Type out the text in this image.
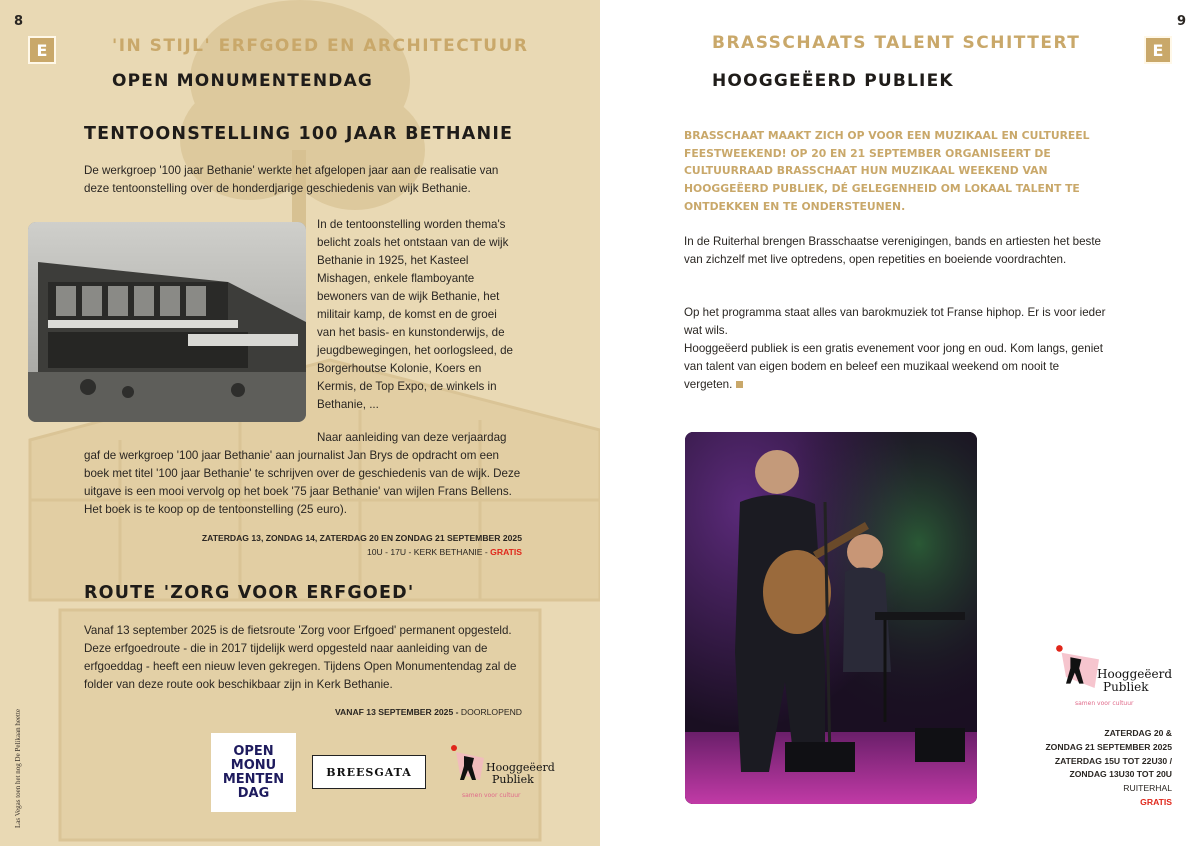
8
E	'IN STIJL' ERFGOED EN ARCHITECTUUR
OPEN MONUMENTENDAG
TENTOONSTELLING 100 JAAR BETHANIE
De werkgroep '100 jaar Bethanie' werkte het afgelopen jaar aan de realisatie van deze tentoonstelling over de honderdjarige geschiedenis van wijk Bethanie.
In de tentoonstelling worden thema's belicht zoals het ontstaan van de wijk Bethanie in 1925, het Kasteel Mishagen, enkele flamboyante bewoners van de wijk Bethanie, het militair kamp, de komst en de groei van het basis- en kunstonderwijs, de jeugdbewegingen, het oorlogsleed, de Borgerhoutse Kolonie, Koers en Kermis, de Top Expo, de winkels in Bethanie, ...
Naar aanleiding van deze verjaardag
gaf de werkgroep '100 jaar Bethanie' aan journalist Jan Brys de opdracht om een boek met titel '100 jaar Bethanie' te schrijven over de geschiedenis van de wijk. Deze uitgave is een mooi vervolg op het boek '75 jaar Bethanie' van wijlen Frans Bellens. Het boek is te koop op de tentoonstelling (25 euro).
ZATERDAG 13, ZONDAG 14, ZATERDAG 20 EN ZONDAG 21 SEPTEMBER 2025
10U - 17U - KERK BETHANIE - GRATIS
ROUTE 'ZORG VOOR ERFGOED'
Vanaf 13 september 2025 is de fietsroute 'Zorg voor Erfgoed' permanent opgesteld. Deze erfgoedroute - die in 2017 tijdelijk werd opgesteld naar aanleiding van de erfgoeddag - heeft een nieuw leven gekregen. Tijdens Open Monumentendag zal de folder van deze route ook beschikbaar zijn in Kerk Bethanie.
VANAF 13 SEPTEMBER 2025 - DOORLOPEND
OPEN
MONU
MENTEN
DAG
BREESGATA	Hooggeëerd
Publiek
samen voor cultuur
Las Vegas toen het nog De Pelikaan heette
9
E
BRASSCHAATS TALENT SCHITTERT
HOOGGEËERD PUBLIEK
BRASSCHAAT MAAKT ZICH OP VOOR EEN MUZIKAAL EN CULTUREEL FEESTWEEKEND! OP 20 EN 21 SEPTEMBER ORGANISEERT DE CULTUURRAAD BRASSCHAAT HUN MUZIKAAL WEEKEND VAN HOOGGEËERD PUBLIEK, DÉ GELEGENHEID OM LOKAAL TALENT TE ONTDEKKEN EN TE ONDERSTEUNEN.
In de Ruiterhal brengen Brasschaatse verenigingen, bands en artiesten het beste van zichzelf met live optredens, open repetities en boeiende voordrachten.
Op het programma staat alles van barokmuziek tot Franse hiphop. Er is voor ieder wat wils.
Hooggeëerd publiek is een gratis evenement voor jong en oud. Kom langs, geniet van talent van eigen bodem en beleef een muzikaal weekend om nooit te vergeten.
Hooggeëerd
Publiek
samen voor cultuur
ZATERDAG 20 &
ZONDAG 21 SEPTEMBER 2025
ZATERDAG 15U TOT 22U30 /
ZONDAG 13U30 TOT 20U
RUITERHAL
GRATIS
